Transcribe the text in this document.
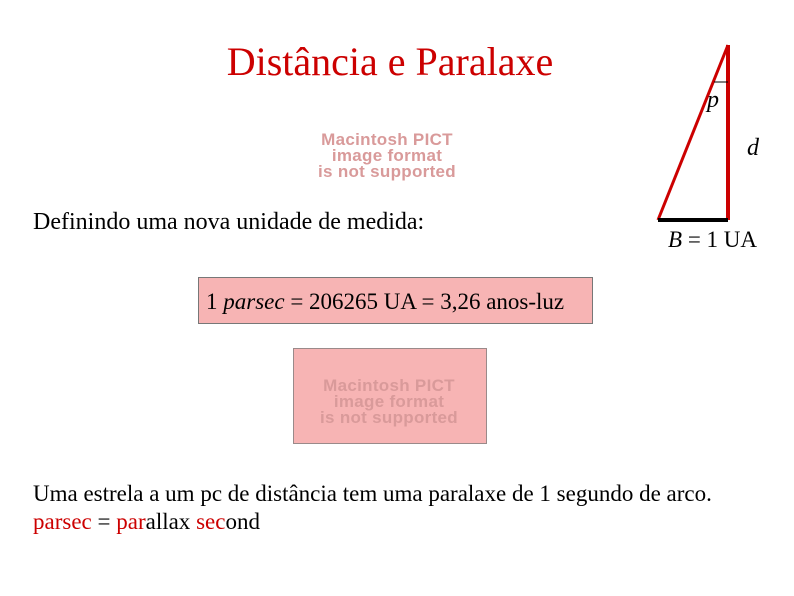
Distância e Paralaxe
Macintosh PICT
image format
is not supported
Definindo uma nova unidade de medida:
1 parsec = 206265 UA = 3,26 anos-luz
Macintosh PICT
image format
is not supported
p
d
B = 1 UA
Uma estrela a um pc de distância tem uma paralaxe de 1 segundo de arco.
parsec = parallax second
